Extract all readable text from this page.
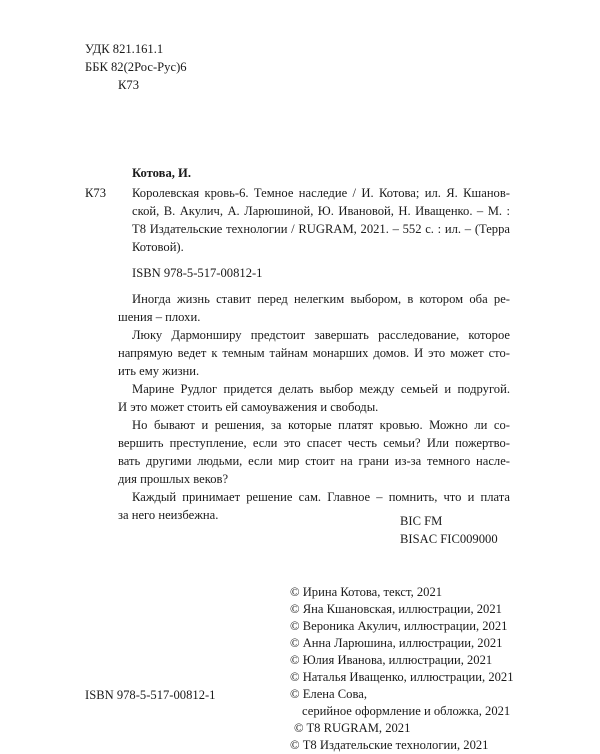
УДК 821.161.1
ББК 82(2Рос-Рус)6
К73
Котова, И.
К73 Королевская кровь-6. Темное наследие / И. Котова; ил. Я. Кшанов-
ской, В. Акулич, А. Ларюшиной, Ю. Ивановой, Н. Иващенко. – М. :
Т8 Издательские технологии / RUGRAM, 2021. – 552 с. : ил. – (Терра
Котовой).
ISBN 978-5-517-00812-1
Иногда жизнь ставит перед нелегким выбором, в котором оба ре-
шения – плохи.
Люку Дармонширу предстоит завершать расследование, которое
напрямую ведет к темным тайнам монарших домов. И это может сто-
ить ему жизни.
Марине Рудлог придется делать выбор между семьей и подругой.
И это может стоить ей самоуважения и свободы.
Но бывают и решения, за которые платят кровью. Можно ли со-
вершить преступление, если это спасет честь семьи? Или пожертво-
вать другими людьми, если мир стоит на грани из-за темного насле-
дия прошлых веков?
Каждый принимает решение сам. Главное – помнить, что и плата
за него неизбежна.	BIC FM
BISAC FIC009000
© Ирина Котова, текст, 2021
© Яна Кшановская, иллюстрации, 2021
© Вероника Акулич, иллюстрации, 2021
© Анна Ларюшина, иллюстрации, 2021
© Юлия Иванова, иллюстрации, 2021
© Наталья Иващенко, иллюстрации, 2021
© Елена Сова,
серийное оформление и обложка, 2021
© T8 RUGRAM, 2021
© Т8 Издательские технологии, 2021
ISBN 978-5-517-00812-1
